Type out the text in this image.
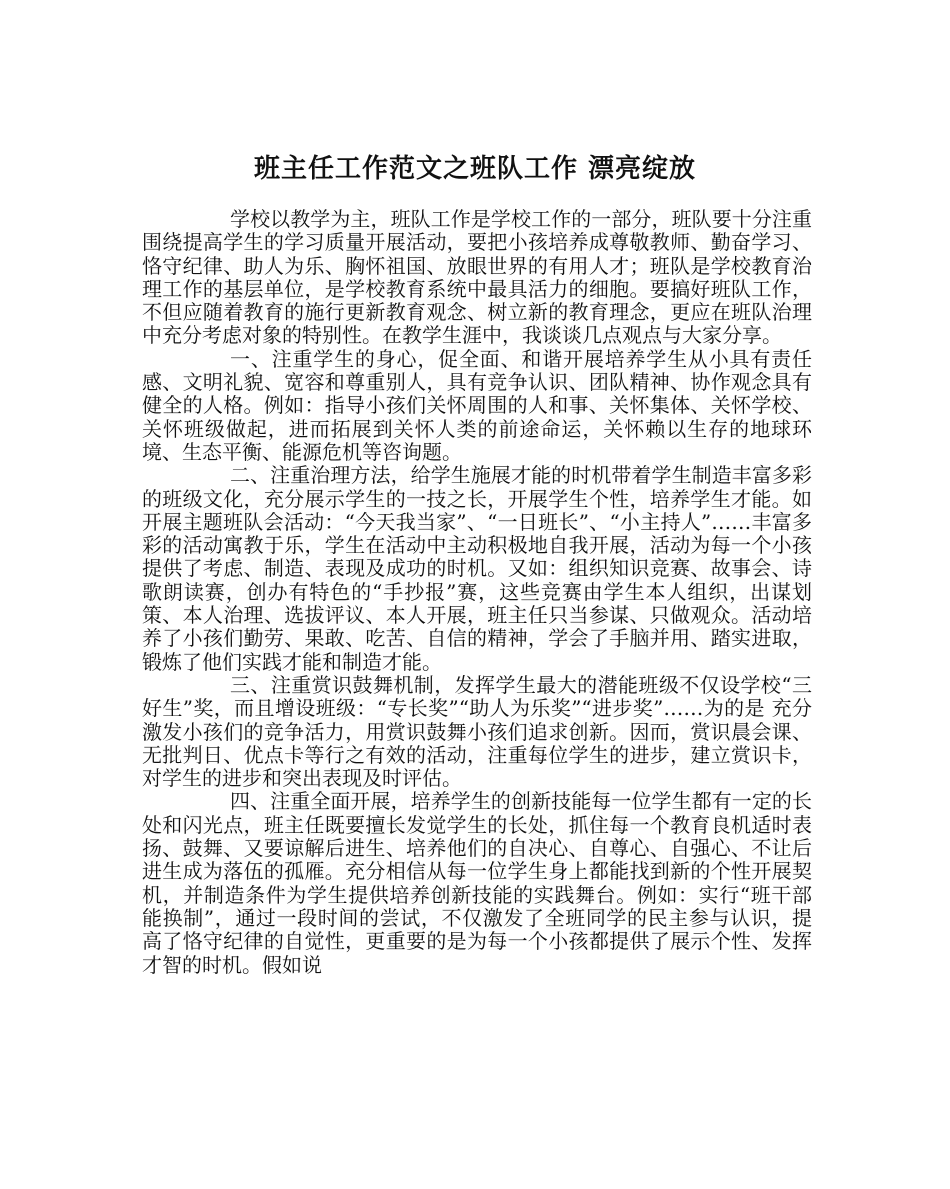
班主任工作范文之班队工作 漂亮绽放

学校以教学为主，班队工作是学校工作的一部分，班队要十分注重围绕提高学生的学习质量开展活动，要把小孩培养成尊敬教师、勤奋学习、恪守纪律、助人为乐、胸怀祖国、放眼世界的有用人才；班队是学校教育治理工作的基层单位，是学校教育系统中最具活力的细胞。要搞好班队工作，不但应随着教育的施行更新教育观念、树立新的教育理念，更应在班队治理中充分考虑对象的特别性。在教学生涯中，我谈谈几点观点与大家分享。

一、注重学生的身心，促全面、和谐开展培养学生从小具有责任感、文明礼貌、宽容和尊重别人，具有竞争认识、团队精神、协作观念具有健全的人格。例如：指导小孩们关怀周围的人和事、关怀集体、关怀学校、关怀班级做起，进而拓展到关怀人类的前途命运，关怀赖以生存的地球环境、生态平衡、能源危机等咨询题。

二、注重治理方法，给学生施展才能的时机带着学生制造丰富多彩的班级文化，充分展示学生的一技之长，开展学生个性，培养学生才能。如开展主题班队会活动：“今天我当家”、“一日班长”、“小主持人”……丰富多彩的活动寓教于乐，学生在活动中主动积极地自我开展，活动为每一个小孩提供了考虑、制造、表现及成功的时机。又如：组织知识竞赛、故事会、诗歌朗读赛，创办有特色的“手抄报”赛，这些竞赛由学生本人组织，出谋划策、本人治理、选拔评议、本人开展，班主任只当参谋、只做观众。活动培养了小孩们勤劳、果敢、吃苦、自信的精神，学会了手脑并用、踏实进取，锻炼了他们实践才能和制造才能。

三、注重赏识鼓舞机制，发挥学生最大的潜能班级不仅设学校“三好生”奖，而且增设班级：“专长奖”“助人为乐奖”“进步奖”……为的是 充分激发小孩们的竞争活力，用赏识鼓舞小孩们追求创新。因而，赏识晨会课、无批判日、优点卡等行之有效的活动，注重每位学生的进步，建立赏识卡，对学生的进步和突出表现及时评估。

四、注重全面开展，培养学生的创新技能每一位学生都有一定的长处和闪光点，班主任既要擅长发觉学生的长处，抓住每一个教育良机适时表扬、鼓舞、又要谅解后进生、培养他们的自决心、自尊心、自强心、不让后进生成为落伍的孤雁。充分相信从每一位学生身上都能找到新的个性开展契机，并制造条件为学生提供培养创新技能的实践舞台。例如：实行“班干部能换制”，通过一段时间的尝试，不仅激发了全班同学的民主参与认识，提高了恪守纪律的自觉性，更重要的是为每一个小孩都提供了展示个性、发挥才智的时机。假如说
